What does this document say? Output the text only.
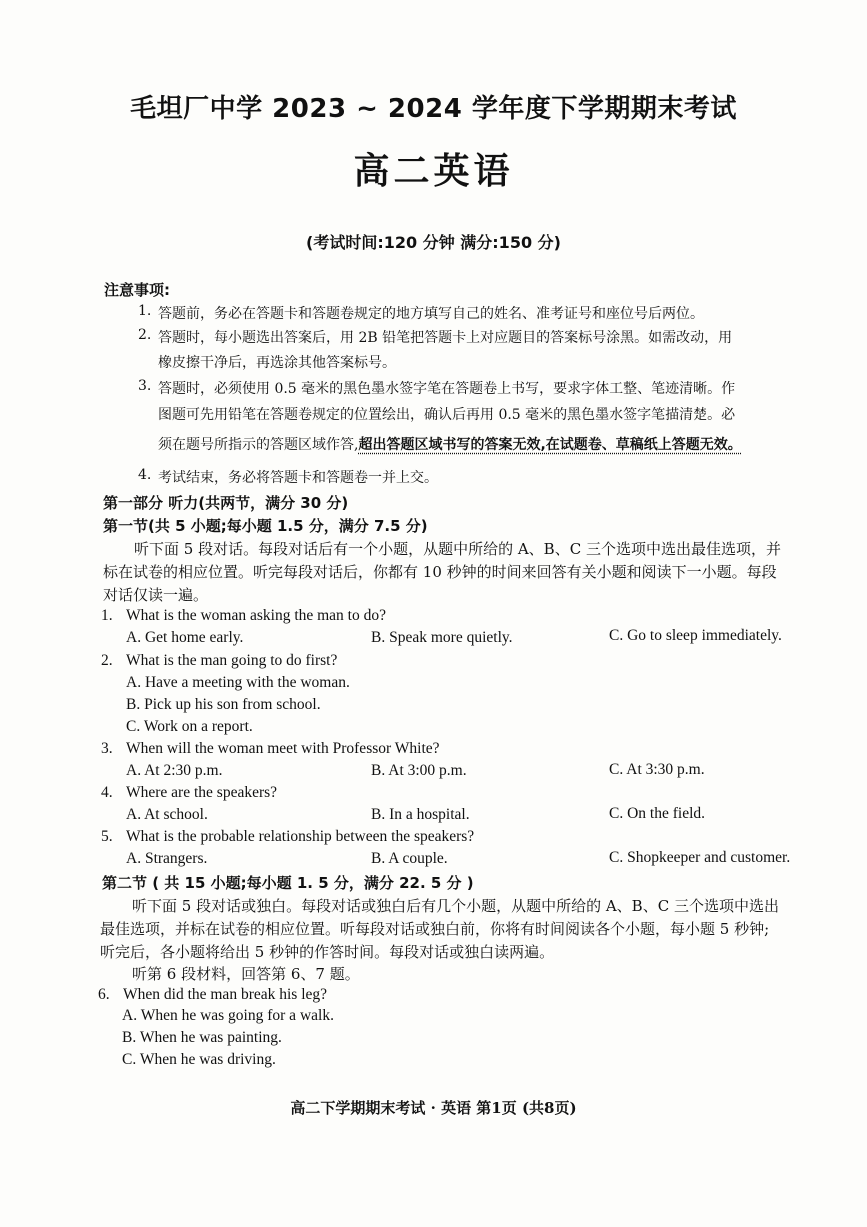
毛坦厂中学 2023 ~ 2024 学年度下学期期末考试
高二英语
(考试时间:120 分钟 满分:150 分)
注意事项:
1. 答题前，务必在答题卡和答题卷规定的地方填写自己的姓名、准考证号和座位号后两位。
2. 答题时，每小题选出答案后，用 2B 铅笔把答题卡上对应题目的答案标号涂黑。如需改动，用
橡皮擦干净后，再选涂其他答案标号。
3. 答题时，必须使用 0.5 毫米的黑色墨水签字笔在答题卷上书写，要求字体工整、笔迹清晰。作
图题可先用铅笔在答题卷规定的位置绘出，确认后再用 0.5 毫米的黑色墨水签字笔描清楚。必
须在题号所指示的答题区域作答,超出答题区域书写的答案无效,在试题卷、草稿纸上答题无效。
4. 考试结束，务必将答题卡和答题卷一并上交。
第一部分 听力(共两节，满分 30 分)
第一节(共 5 小题;每小题 1.5 分，满分 7.5 分)
听下面 5 段对话。每段对话后有一个小题，从题中所给的 A、B、C 三个选项中选出最佳选项，并
标在试卷的相应位置。听完每段对话后，你都有 10 秒钟的时间来回答有关小题和阅读下一小题。每段
对话仅读一遍。
1. What is the woman asking the man to do?
A. Get home early.	B. Speak more quietly.	C. Go to sleep immediately.
2. What is the man going to do first?
A. Have a meeting with the woman.
B. Pick up his son from school.
C. Work on a report.
3. When will the woman meet with Professor White?
A. At 2:30 p.m.	B. At 3:00 p.m.	C. At 3:30 p.m.
4. Where are the speakers?
A. At school.	B. In a hospital.	C. On the field.
5. What is the probable relationship between the speakers?
A. Strangers.	B. A couple.	C. Shopkeeper and customer.
第二节 ( 共 15 小题;每小题 1. 5 分，满分 22. 5 分 )
听下面 5 段对话或独白。每段对话或独白后有几个小题，从题中所给的 A、B、C 三个选项中选出
最佳选项，并标在试卷的相应位置。听每段对话或独白前，你将有时间阅读各个小题，每小题 5 秒钟;
听完后，各小题将给出 5 秒钟的作答时间。每段对话或独白读两遍。
听第 6 段材料，回答第 6、7 题。
6. When did the man break his leg?
A. When he was going for a walk.
B. When he was painting.
C. When he was driving.
高二下学期期末考试 · 英语 第1页 (共8页)
